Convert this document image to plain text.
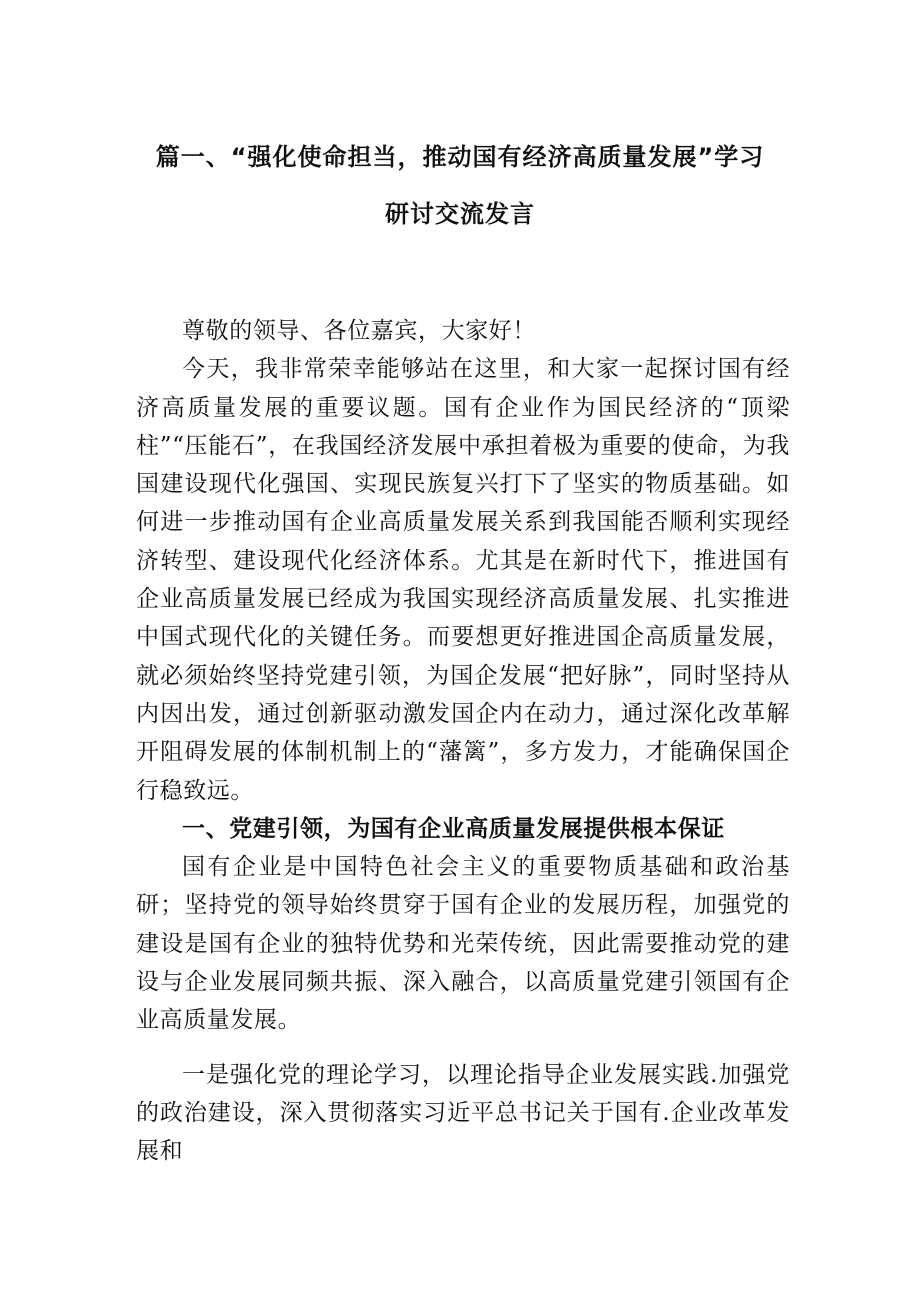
篇一、“强化使命担当，推动国有经济高质量发展”学习
研讨交流发言

尊敬的领导、各位嘉宾，大家好！

今天，我非常荣幸能够站在这里，和大家一起探讨国有经济高质量发展的重要议题。国有企业作为国民经济的“顶梁柱”“压能石”，在我国经济发展中承担着极为重要的使命，为我国建设现代化强国、实现民族复兴打下了坚实的物质基础。如何进一步推动国有企业高质量发展关系到我国能否顺利实现经济转型、建设现代化经济体系。尤其是在新时代下，推进国有企业高质量发展已经成为我国实现经济高质量发展、扎实推进中国式现代化的关键任务。而要想更好推进国企高质量发展，就必须始终坚持党建引领，为国企发展“把好脉”，同时坚持从内因出发，通过创新驱动激发国企内在动力，通过深化改革解开阻碍发展的体制机制上的“藩篱”，多方发力，才能确保国企行稳致远。

一、党建引领，为国有企业高质量发展提供根本保证

国有企业是中国特色社会主义的重要物质基础和政治基研；坚持党的领导始终贯穿于国有企业的发展历程，加强党的建设是国有企业的独特优势和光荣传统，因此需要推动党的建设与企业发展同频共振、深入融合，以高质量党建引领国有企业高质量发展。

一是强化党的理论学习，以理论指导企业发展实践.加强党的政治建设，深入贯彻落实习近平总书记关于国有.企业改革发展和
